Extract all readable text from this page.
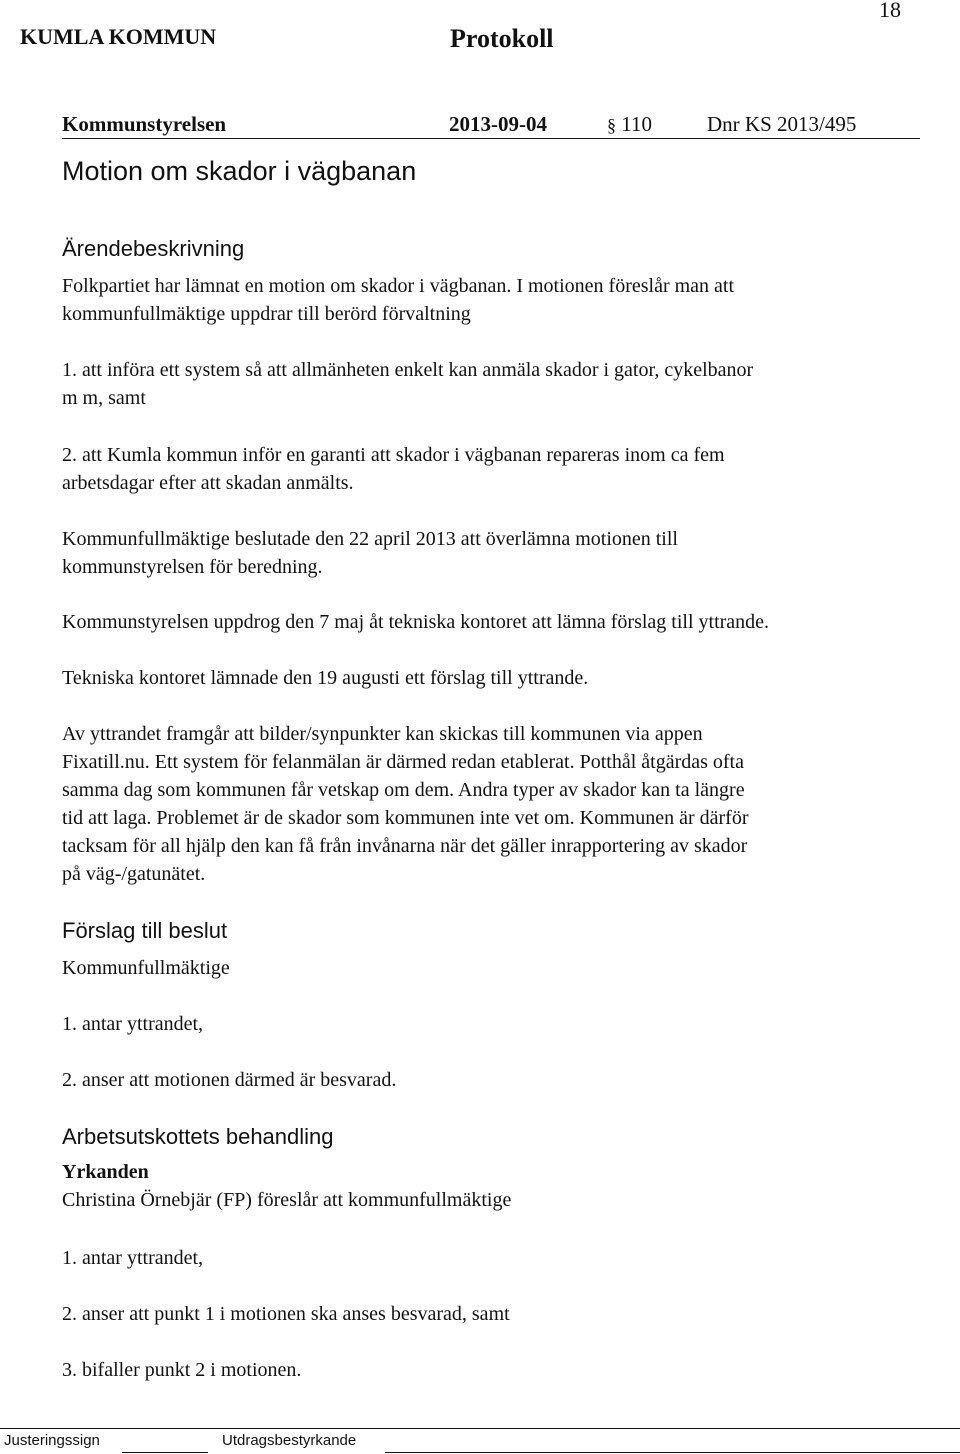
KUMLA KOMMUN	Protokoll
18
Kommunstyrelsen	2013-09-04	§ 110	Dnr KS 2013/495
Motion om skador i vägbanan
Ärendebeskrivning
Folkpartiet har lämnat en motion om skador i vägbanan. I motionen föreslår man att
kommunfullmäktige uppdrar till berörd förvaltning
1. att införa ett system så att allmänheten enkelt kan anmäla skador i gator, cykelbanor
m m, samt
2. att Kumla kommun inför en garanti att skador i vägbanan repareras inom ca fem
arbetsdagar efter att skadan anmälts.
Kommunfullmäktige beslutade den 22 april 2013 att överlämna motionen till
kommunstyrelsen för beredning.
Kommunstyrelsen uppdrog den 7 maj åt tekniska kontoret att lämna förslag till yttrande.
Tekniska kontoret lämnade den 19 augusti ett förslag till yttrande.
Av yttrandet framgår att bilder/synpunkter kan skickas till kommunen via appen
Fixatill.nu. Ett system för felanmälan är därmed redan etablerat. Potthål åtgärdas ofta
samma dag som kommunen får vetskap om dem. Andra typer av skador kan ta längre
tid att laga. Problemet är de skador som kommunen inte vet om. Kommunen är därför
tacksam för all hjälp den kan få från invånarna när det gäller inrapportering av skador
på väg-/gatunätet.
Förslag till beslut
Kommunfullmäktige
1. antar yttrandet,
2. anser att motionen därmed är besvarad.
Arbetsutskottets behandling
Yrkanden
Christina Örnebjär (FP) föreslår att kommunfullmäktige
1. antar yttrandet,
2. anser att punkt 1 i motionen ska anses besvarad, samt
3. bifaller punkt 2 i motionen.
Justeringssign	Utdragsbestyrkande
